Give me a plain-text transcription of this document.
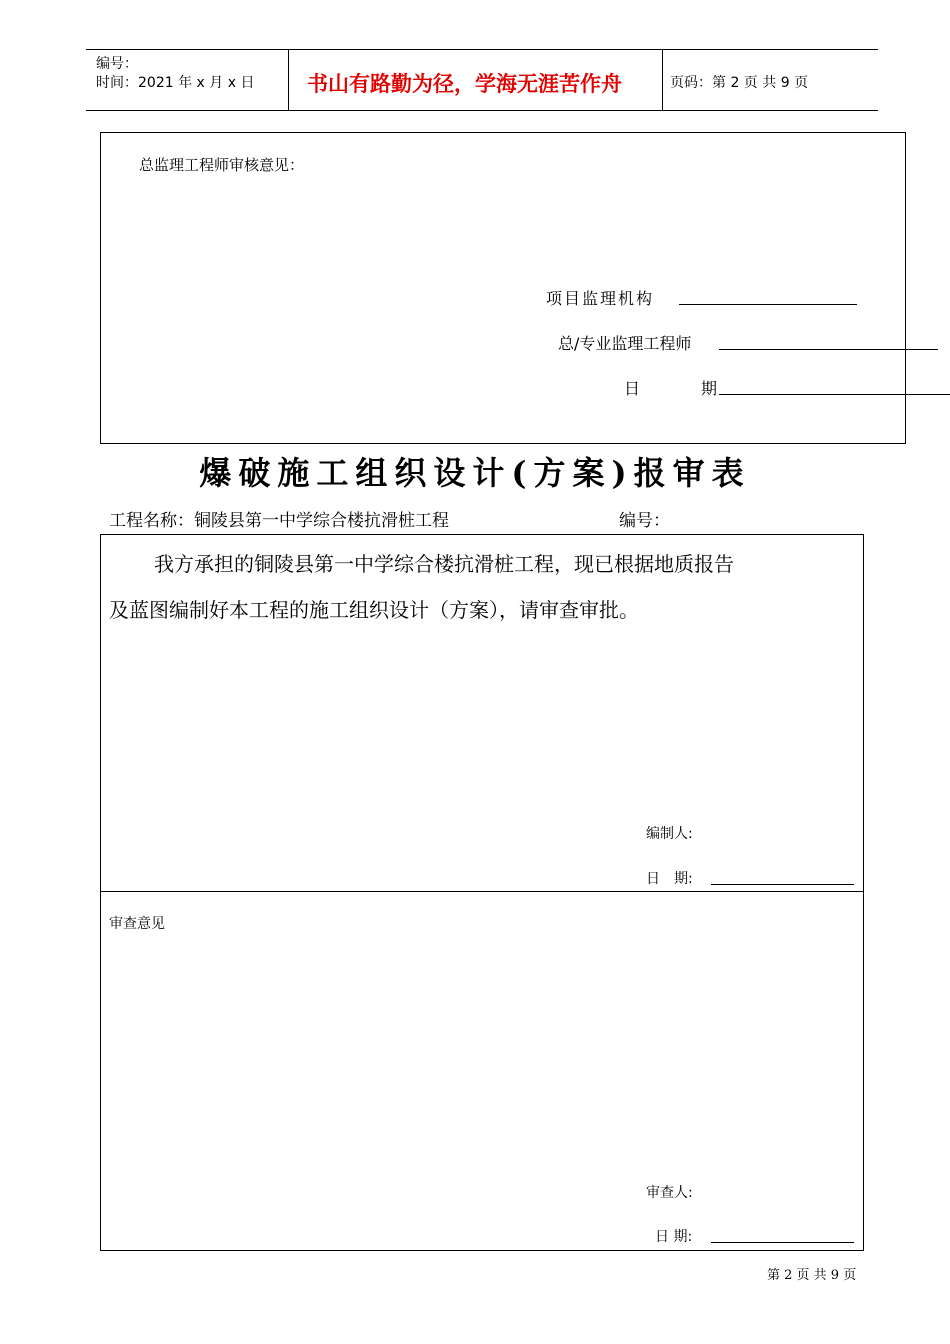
编号：
时间：2021 年 x 月 x 日	书山有路勤为径，学海无涯苦作舟	页码：第 2 页 共 9 页
总监理工程师审核意见：
项目监理机构
总/专业监理工程师
日	期
爆破施工组织设计(方案)报审表
工程名称：铜陵县第一中学综合楼抗滑桩工程	编号：
我方承担的铜陵县第一中学综合楼抗滑桩工程，现已根据地质报告
及蓝图编制好本工程的施工组织设计（方案），请审查审批。
编制人:
日　期:
审查意见
审查人:
日 期:
第 2 页 共 9 页
